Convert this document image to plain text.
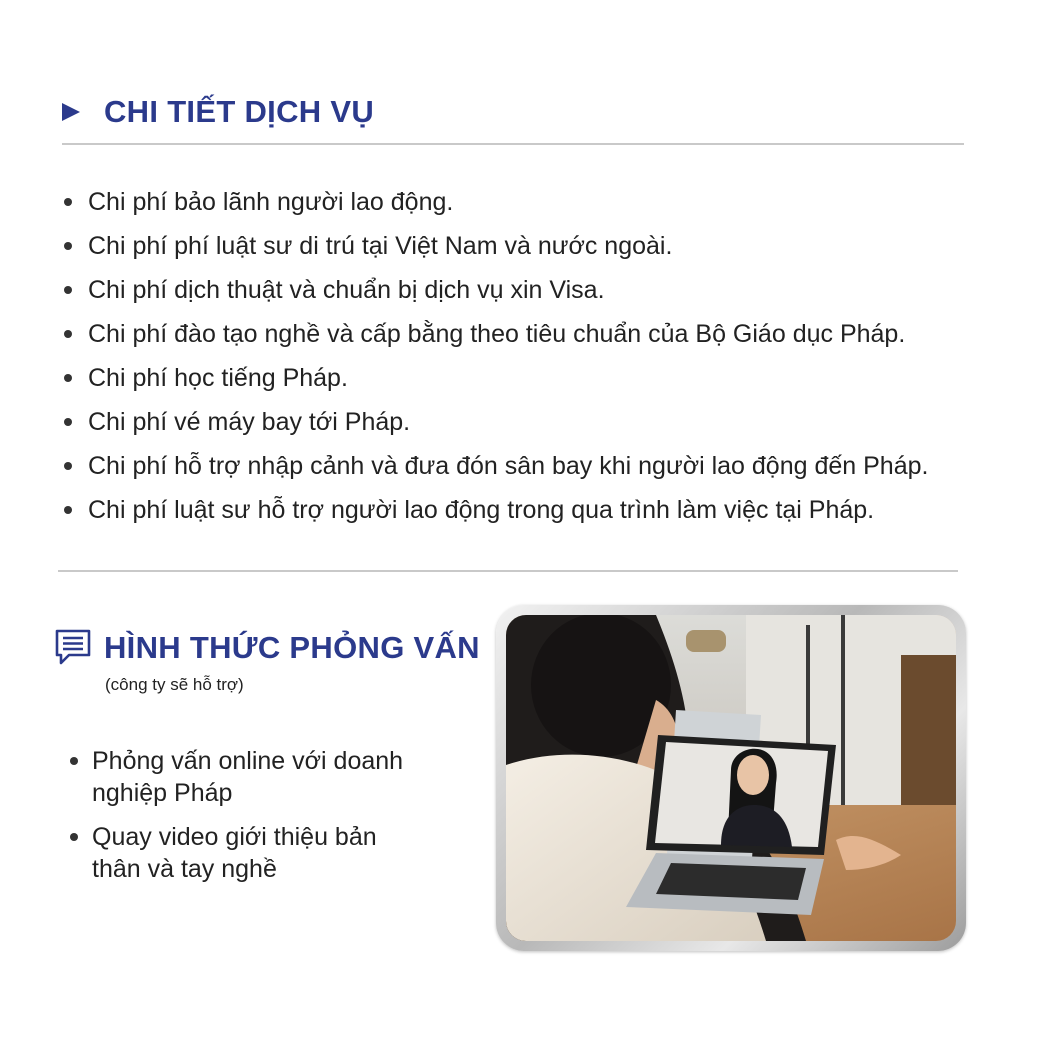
CHI TIẾT DỊCH VỤ
Chi phí bảo lãnh người lao động.
Chi phí phí luật sư di trú tại Việt Nam và nước ngoài.
Chi phí dịch thuật và chuẩn bị dịch vụ xin Visa.
Chi phí đào tạo nghề và cấp bằng theo tiêu chuẩn của Bộ Giáo dục Pháp.
Chi phí học tiếng Pháp.
Chi phí vé máy bay tới Pháp.
Chi phí hỗ trợ nhập cảnh và đưa đón sân bay khi người lao động đến Pháp.
Chi phí luật sư hỗ trợ người lao động trong qua trình làm việc tại Pháp.
HÌNH THỨC PHỎNG VẤN
(công ty sẽ hỗ trợ)
Phỏng vấn online với doanh nghiệp Pháp
Quay video giới thiệu bản thân và tay nghề
